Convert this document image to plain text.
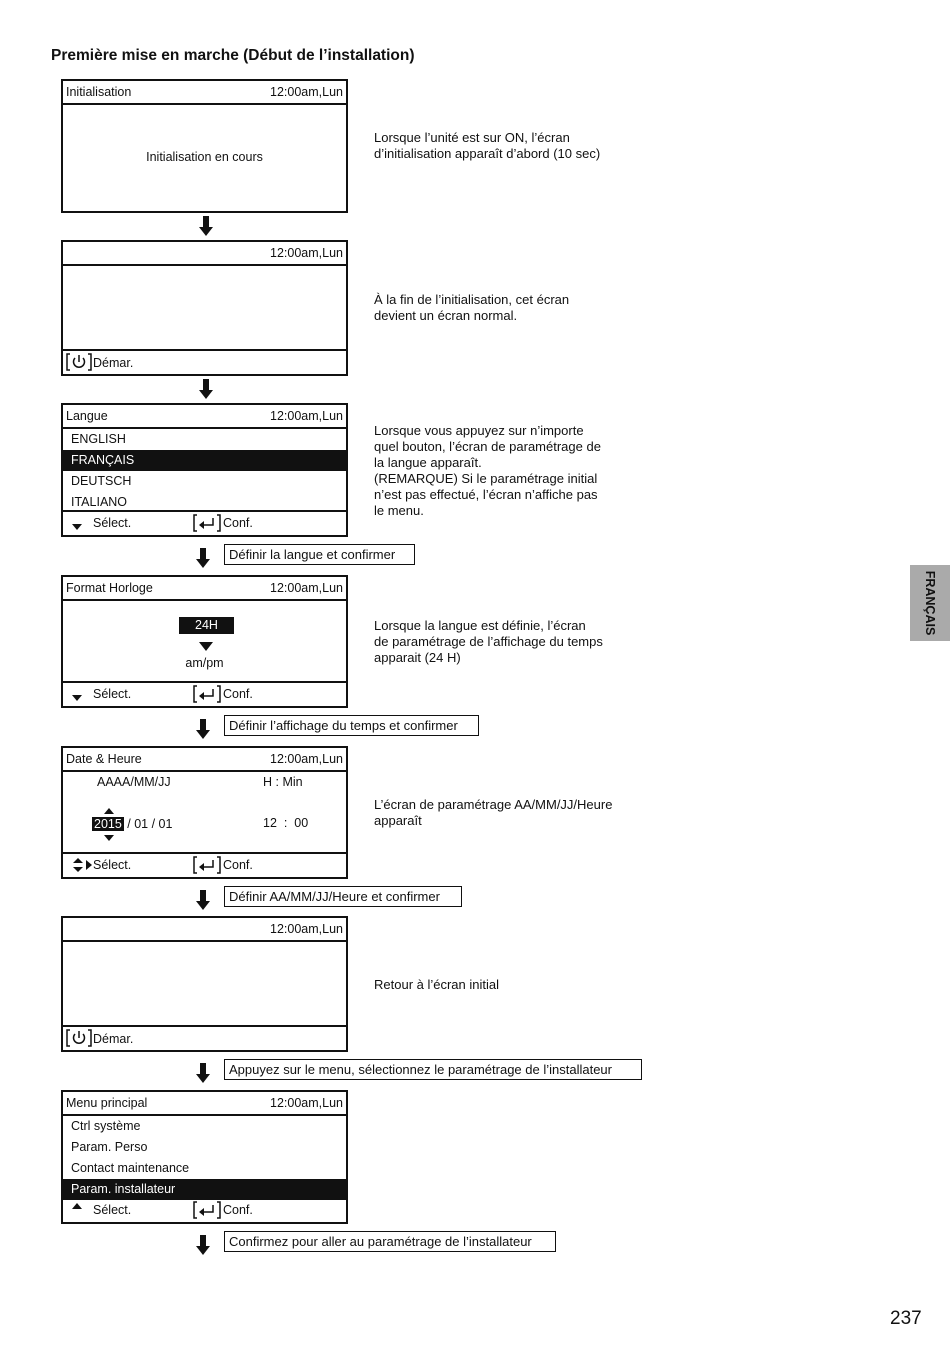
Première mise en marche (Début de l’installation)
Initialisation	12:00am,Lun
Initialisation en cours
Lorsque l’unité est sur ON, l’écran
d’initialisation apparaît d’abord (10 sec)
12:00am,Lun
Démar.
À la fin de l’initialisation, cet écran
devient un écran normal.
Langue	12:00am,Lun
ENGLISH
FRANÇAIS
DEUTSCH
ITALIANO
Sélect.	Conf.
Lorsque vous appuyez sur n’importe
quel bouton, l’écran de paramétrage de
la langue apparaît.
(REMARQUE) Si le paramétrage initial
n’est pas effectué, l’écran n’affiche pas
le menu.
Définir la langue et confirmer
Format Horloge	12:00am,Lun
24H
am/pm
Sélect.	Conf.
Lorsque la langue est définie, l’écran
de paramétrage de l’affichage du temps
apparait (24 H)
Définir l’affichage du temps et confirmer
Date & Heure	12:00am,Lun
AAAA/MM/JJ	H : Min
2015 / 01 / 01	12 : 00
Sélect.	Conf.
L’écran de paramétrage AA/MM/JJ/Heure
apparaît
Définir AA/MM/JJ/Heure et confirmer
12:00am,Lun
Démar.
Retour à l’écran initial
Appuyez sur le menu, sélectionnez le paramétrage de l’installateur
Menu principal	12:00am,Lun
Ctrl système
Param. Perso
Contact maintenance
Param. installateur
Sélect.	Conf.
Confirmez pour aller au paramétrage de l’installateur
FRANÇAIS
237
